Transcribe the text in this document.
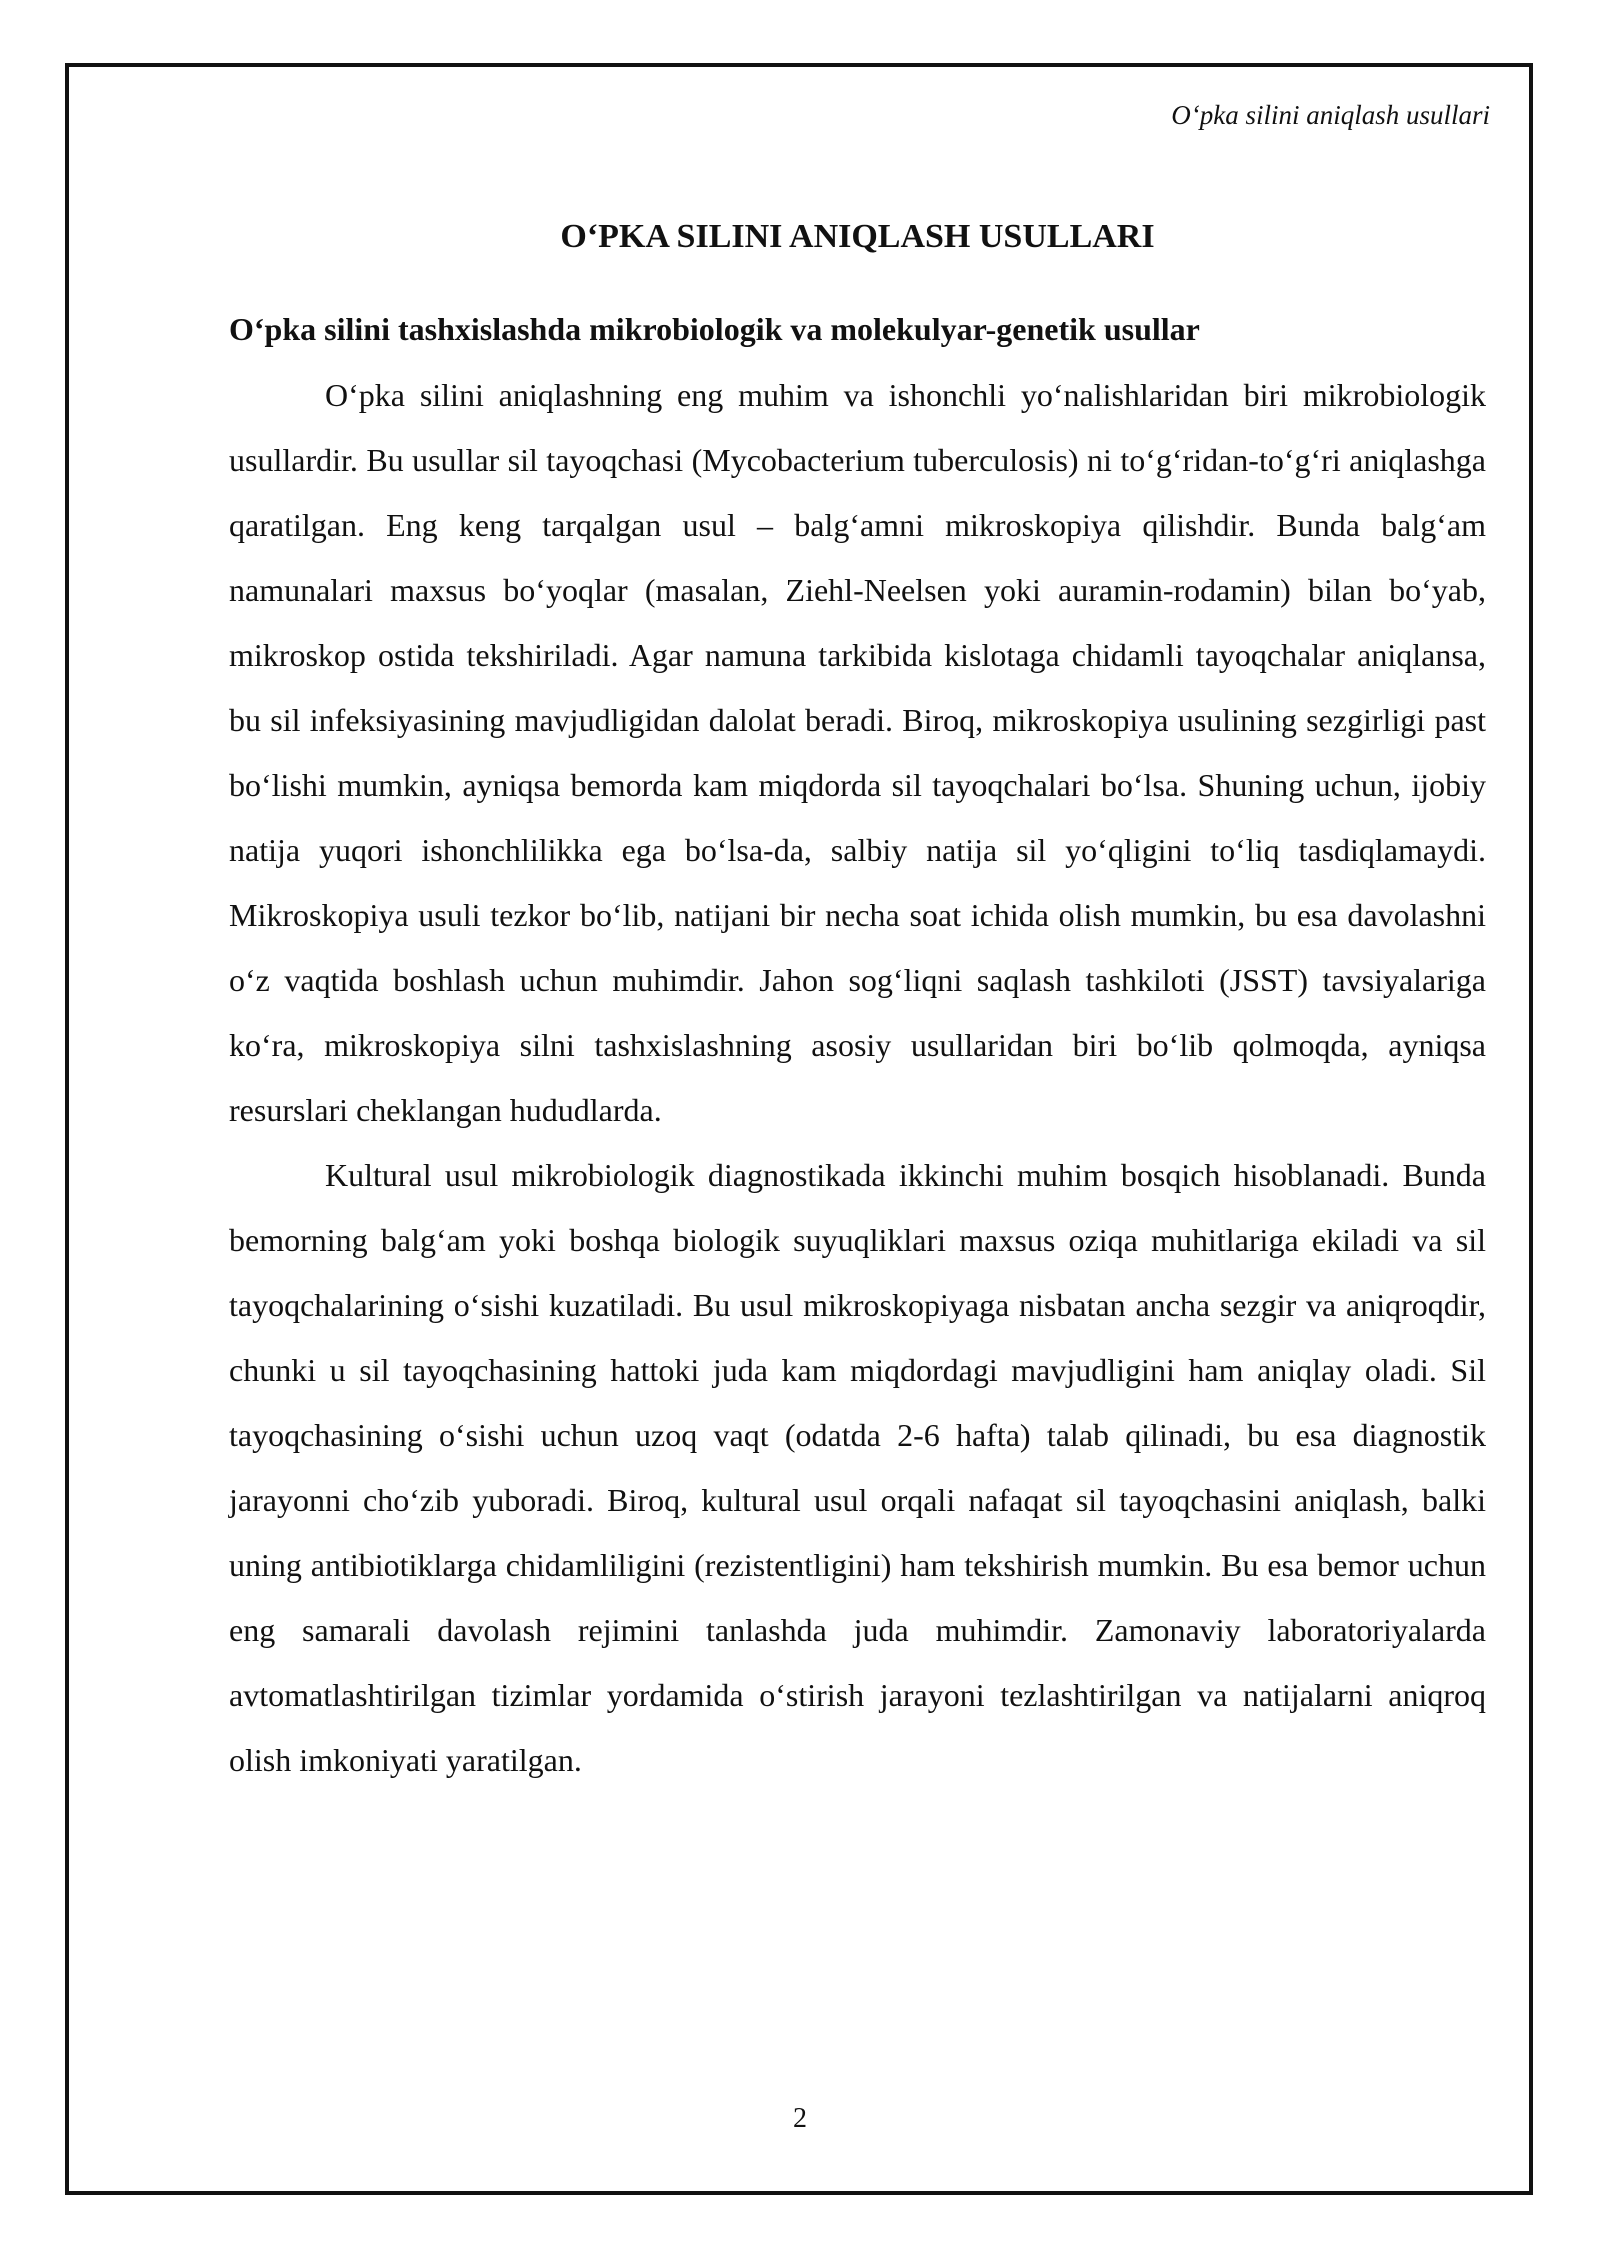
O‘pka silini aniqlash usullari
O‘PKA SILINI ANIQLASH USULLARI
O‘pka silini tashxislashda mikrobiologik va molekulyar-genetik usullar

O‘pka silini aniqlashning eng muhim va ishonchli yo‘nalishlaridan biri mikrobiologik usullardir. Bu usullar sil tayoqchasi (Mycobacterium tuberculosis) ni to‘g‘ridan-to‘g‘ri aniqlashga qaratilgan. Eng keng tarqalgan usul – balg‘amni mikroskopiya qilishdir. Bunda balg‘am namunalari maxsus bo‘yoqlar (masalan, Ziehl-Neelsen yoki auramin-rodamin) bilan bo‘yab, mikroskop ostida tekshiriladi. Agar namuna tarkibida kislotaga chidamli tayoqchalar aniqlansa, bu sil infeksiyasining mavjudligidan dalolat beradi. Biroq, mikroskopiya usulining sezgirligi past bo‘lishi mumkin, ayniqsa bemorda kam miqdorda sil tayoqchalari bo‘lsa. Shuning uchun, ijobiy natija yuqori ishonchlilikka ega bo‘lsa-da, salbiy natija sil yo‘qligini to‘liq tasdiqlamaydi. Mikroskopiya usuli tezkor bo‘lib, natijani bir necha soat ichida olish mumkin, bu esa davolashni o‘z vaqtida boshlash uchun muhimdir. Jahon sog‘liqni saqlash tashkiloti (JSST) tavsiyalariga ko‘ra, mikroskopiya silni tashxislashning asosiy usullaridan biri bo‘lib qolmoqda, ayniqsa resurslari cheklangan hududlarda.

Kultural usul mikrobiologik diagnostikada ikkinchi muhim bosqich hisoblanadi. Bunda bemorning balg‘am yoki boshqa biologik suyuqliklari maxsus oziqa muhitlariga ekiladi va sil tayoqchalarining o‘sishi kuzatiladi. Bu usul mikroskopiyaga nisbatan ancha sezgir va aniqroqdir, chunki u sil tayoqchasining hattoki juda kam miqdordagi mavjudligini ham aniqlay oladi. Sil tayoqchasining o‘sishi uchun uzoq vaqt (odatda 2-6 hafta) talab qilinadi, bu esa diagnostik jarayonni cho‘zib yuboradi. Biroq, kultural usul orqali nafaqat sil tayoqchasini aniqlash, balki uning antibiotiklarga chidamliligini (rezistentligini) ham tekshirish mumkin. Bu esa bemor uchun eng samarali davolash rejimini tanlashda juda muhimdir. Zamonaviy laboratoriyalarda avtomatlashtirilgan tizimlar yordamida o‘stirish jarayoni tezlashtirilgan va natijalarni aniqroq olish imkoniyati yaratilgan.

2
